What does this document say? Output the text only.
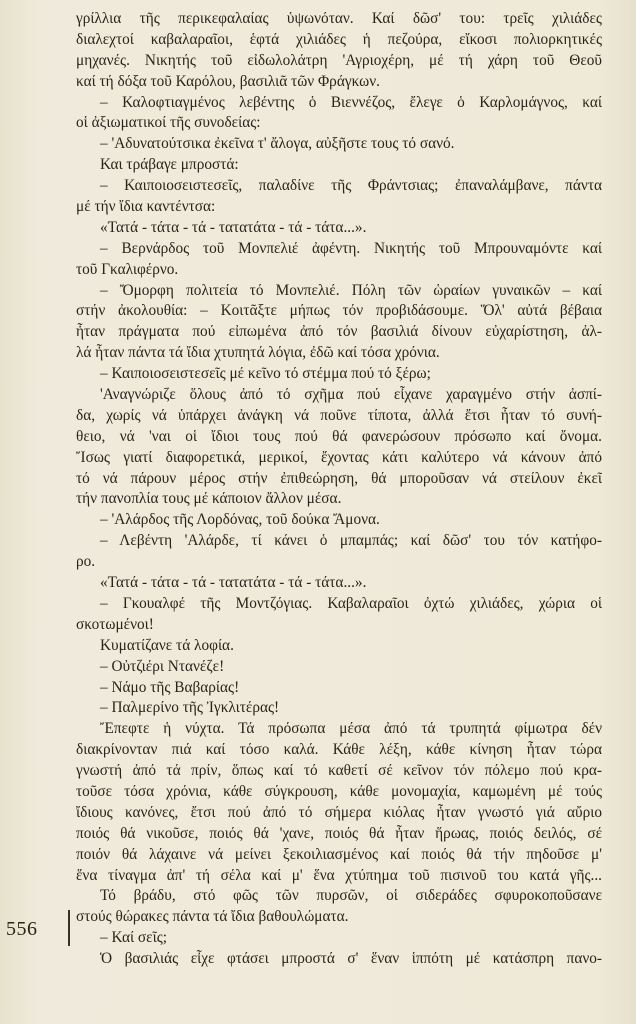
γρίλλια τῆς περικεφαλαίας ὑψωνόταν. Καί δῶσ' του: τρεῖς χιλιάδες
διαλεχτοί καβαλαραῖοι, ἑφτά χιλιάδες ἡ πεζούρα, εἴκοσι πολιορκητικές
μηχανές. Νικητής τοῦ εἰδωλολάτρη 'Αγριοχέρη, μέ τή χάρη τοῦ Θεοῦ
καί τή δόξα τοῦ Καρόλου, βασιλιᾶ τῶν Φράγκων.
– Καλοφτιαγμένος λεβέντης ὁ Βιεννέζος, ἔλεγε ὁ Καρλομάγνος, καί
οἱ ἀξιωματικοί τῆς συνοδείας:
– 'Αδυνατούτσικα ἐκεῖνα τ' ἄλογα, αὐξῆστε τους τό σανό.
Και τράβαγε μπροστά:
– Καιποιοσειστεσεῖς, παλαδίνε τῆς Φράντσιας; ἐπαναλάμβανε, πάντα
μέ τήν ἴδια καντέντσα:
«Τατά - τάτα - τά - τατατάτα - τά - τάτα...».
– Βερνάρδος τοῦ Μονπελιέ ἀφέντη. Νικητής τοῦ Μπρουναμόντε καί
τοῦ Γκαλιφέρνο.
– Ὄμορφη πολιτεία τό Μονπελιέ. Πόλη τῶν ὡραίων γυναικῶν – καί
στήν ἀκολουθία: – Κοιτᾶξτε μήπως τόν προβιδάσουμε. Ὅλ' αὐτά βέβαια
ἦταν πράγματα πού εἰπωμένα ἀπό τόν βασιλιά δίνουν εὐχαρίστηση, ἀλ-
λά ἦταν πάντα τά ἴδια χτυπητά λόγια, ἐδῶ καί τόσα χρόνια.
– Καιποιοσειστεσεῖς μέ κεῖνο τό στέμμα πού τό ξέρω;
'Αναγνώριζε ὅλους ἀπό τό σχῆμα πού εἶχανε χαραγμένο στήν ἀσπί-
δα, χωρίς νά ὑπάρχει ἀνάγκη νά ποῦνε τίποτα, ἀλλά ἔτσι ἦταν τό συνή-
θειο, νά 'ναι οἱ ἴδιοι τους πού θά φανερώσουν πρόσωπο καί ὄνομα.
Ἴσως γιατί διαφορετικά, μερικοί, ἔχοντας κάτι καλύτερο νά κάνουν ἀπό
τό νά πάρουν μέρος στήν ἐπιθεώρηση, θά μποροῦσαν νά στείλουν ἐκεῖ
τήν πανοπλία τους μέ κάποιον ἄλλον μέσα.
– 'Αλάρδος τῆς Λορδόνας, τοῦ δούκα Ἄμονα.
– Λεβέντη 'Αλάρδε, τί κάνει ὁ μπαμπάς; καί δῶσ' του τόν κατήφο-
ρο.
«Τατά - τάτα - τά - τατατάτα - τά - τάτα...».
– Γκουαλφέ τῆς Μοντζόγιας. Καβαλαραῖοι ὀχτώ χιλιάδες, χώρια οἱ
σκοτωμένοι!
Κυματίζανε τά λοφία.
– Οὐτζιέρι Ντανέζε!
– Νάμο τῆς Βαβαρίας!
– Παλμερίνο τῆς Ἰγκλιτέρας!
Ἔπεφτε ἡ νύχτα. Τά πρόσωπα μέσα ἀπό τά τρυπητά φίμωτρα δέν
διακρίνονταν πιά καί τόσο καλά. Κάθε λέξη, κάθε κίνηση ἦταν τώρα
γνωστή ἀπό τά πρίν, ὅπως καί τό καθετί σέ κεῖνον τόν πόλεμο πού κρα-
τοῦσε τόσα χρόνια, κάθε σύγκρουση, κάθε μονομαχία, καμωμένη μέ τούς
ἴδιους κανόνες, ἔτσι πού ἀπό τό σήμερα κιόλας ἦταν γνωστό γιά αὔριο
ποιός θά νικοῦσε, ποιός θά 'χανε, ποιός θά ἦταν ἥρωας, ποιός δειλός, σέ
ποιόν θά λάχαινε νά μείνει ξεκοιλιασμένος καί ποιός θά τήν πηδοῦσε μ'
ἕνα τίναγμα ἀπ' τή σέλα καί μ' ἕνα χτύπημα τοῦ πισινοῦ του κατά γῆς...
Τό βράδυ, στό φῶς τῶν πυρσῶν, οἱ σιδεράδες σφυροκοποῦσανε
στούς θώρακες πάντα τά ἴδια βαθουλώματα.
– Καί σεῖς;
Ὁ βασιλιάς εἶχε φτάσει μπροστά σ' ἕναν ἱππότη μέ κατάσπρη πανο-
556
